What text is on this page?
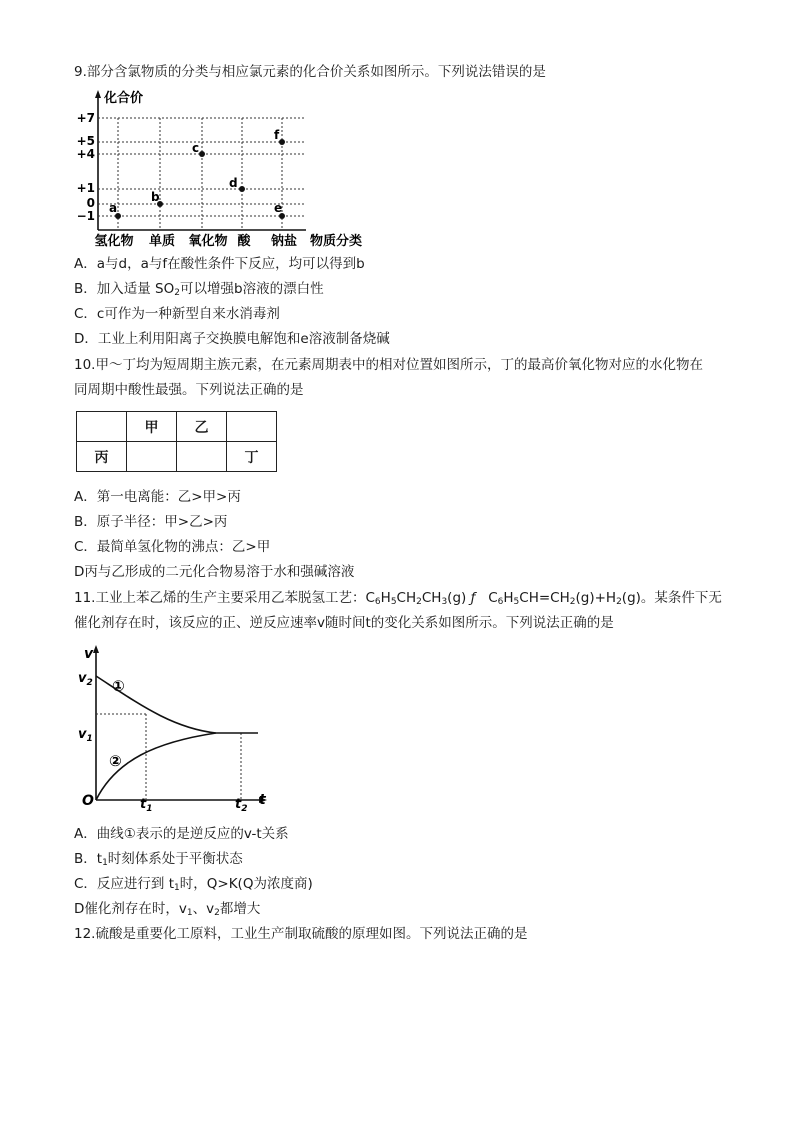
9.部分含氯物质的分类与相应氯元素的化合价关系如图所示。下列说法错误的是
化合价
+7
+5
+4
+1
0
−1
a
b
c
d
f
e
氢化物 单质 氧化物 酸 钠盐 物质分类
A．a与d，a与f在酸性条件下反应，均可以得到b
B．加入适量 $SO_2$可以增强b溶液的漂白性
C．c可作为一种新型自来水消毒剂
D．工业上利用阳离子交换膜电解饱和e溶液制备烧碱
10.甲～丁均为短周期主族元素，在元素周期表中的相对位置如图所示，丁的最高价氧化物对应的水化物在
同周期中酸性最强。下列说法正确的是
	甲	乙	
丙			丁
A．第一电离能：乙>甲>丙
B．原子半径：甲>乙>丙
C．最简单氢化物的沸点：乙>甲
D丙与乙形成的二元化合物易溶于水和强碱溶液
11.工业上苯乙烯的生产主要采用乙苯脱氢工艺：$C_6H_5CH_2CH_3(g)$ ƒ   $C_6H_5CH=CH_2(g)+H_2(g)$。某条件下无
催化剂存在时，该反应的正、逆反应速率v随时间t的变化关系如图所示。下列说法正确的是
v
t
O
$v_2$
$v_1$
①
②
$t_1$	$t_2$
A．曲线①表示的是逆反应的v-t关系
B．$t_1$时刻体系处于平衡状态
C．反应进行到 $t_1$时，Q>K(Q为浓度商)
D催化剂存在时，$v_1$、$v_2$都增大
12.硫酸是重要化工原料，工业生产制取硫酸的原理如图。下列说法正确的是
